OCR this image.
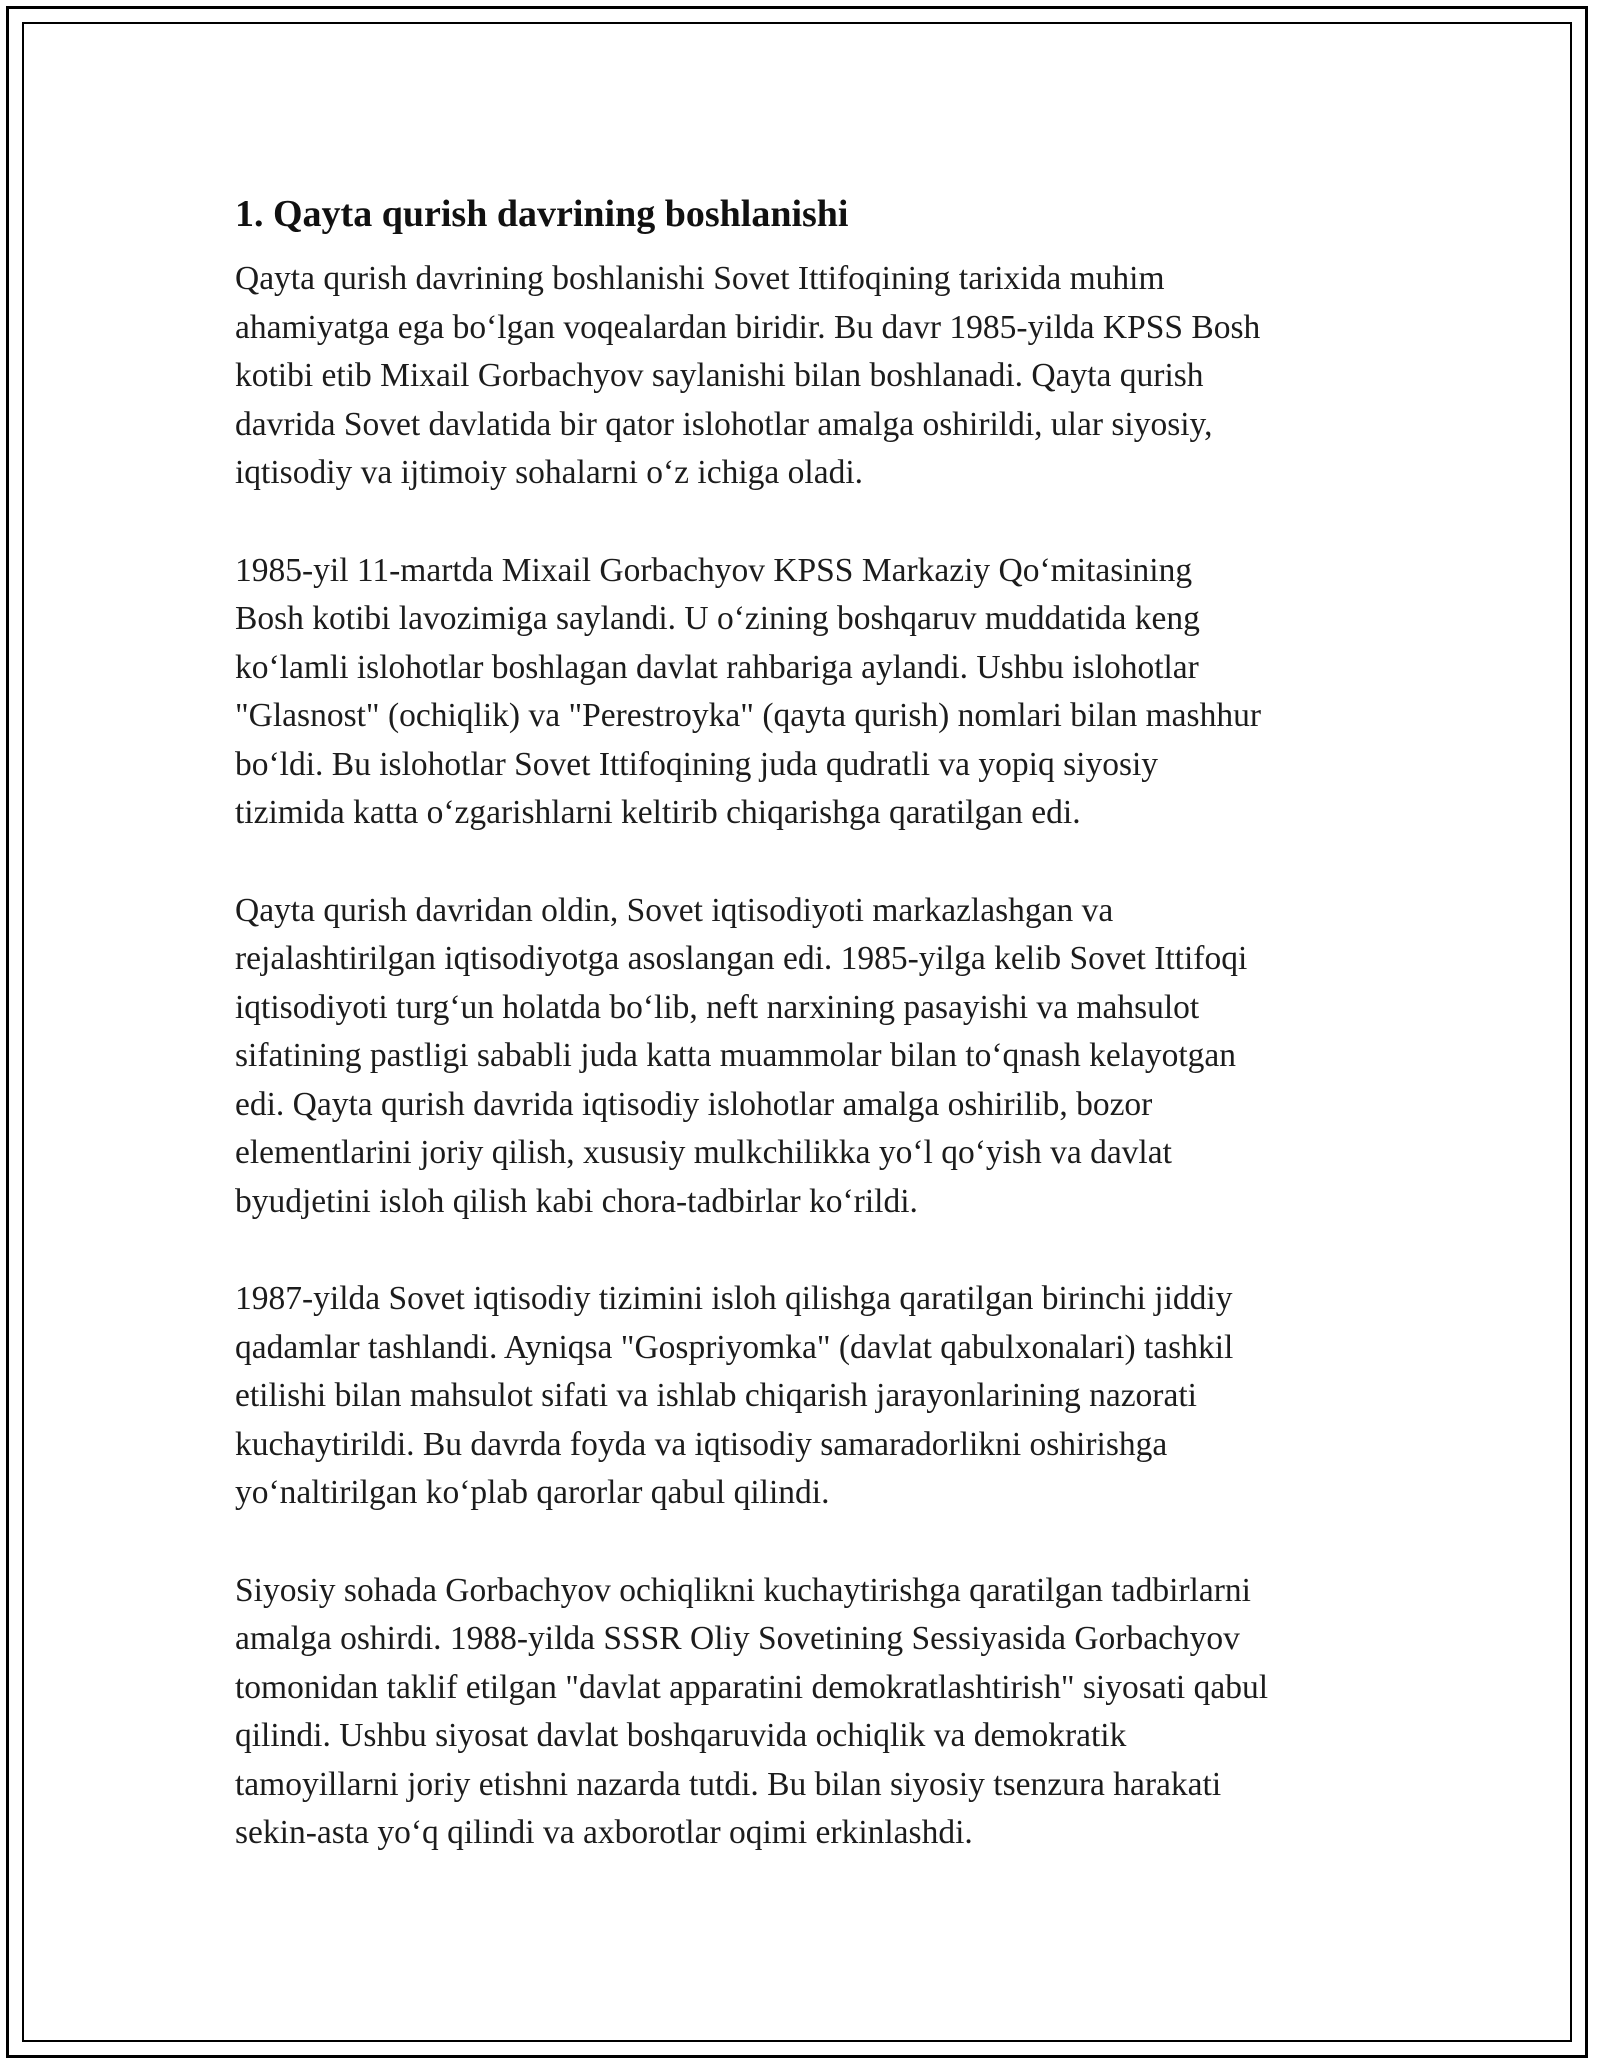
1. Qayta qurish davrining boshlanishi

Qayta qurish davrining boshlanishi Sovet Ittifoqining tarixida muhim
ahamiyatga ega bo‘lgan voqealardan biridir. Bu davr 1985-yilda KPSS Bosh
kotibi etib Mixail Gorbachyov saylanishi bilan boshlanadi. Qayta qurish
davrida Sovet davlatida bir qator islohotlar amalga oshirildi, ular siyosiy,
iqtisodiy va ijtimoiy sohalarni o‘z ichiga oladi.

1985-yil 11-martda Mixail Gorbachyov KPSS Markaziy Qo‘mitasining
Bosh kotibi lavozimiga saylandi. U o‘zining boshqaruv muddatida keng
ko‘lamli islohotlar boshlagan davlat rahbariga aylandi. Ushbu islohotlar
"Glasnost" (ochiqlik) va "Perestroyka" (qayta qurish) nomlari bilan mashhur
bo‘ldi. Bu islohotlar Sovet Ittifoqining juda qudratli va yopiq siyosiy
tizimida katta o‘zgarishlarni keltirib chiqarishga qaratilgan edi.

Qayta qurish davridan oldin, Sovet iqtisodiyoti markazlashgan va
rejalashtirilgan iqtisodiyotga asoslangan edi. 1985-yilga kelib Sovet Ittifoqi
iqtisodiyoti turg‘un holatda bo‘lib, neft narxining pasayishi va mahsulot
sifatining pastligi sababli juda katta muammolar bilan to‘qnash kelayotgan
edi. Qayta qurish davrida iqtisodiy islohotlar amalga oshirilib, bozor
elementlarini joriy qilish, xususiy mulkchilikka yo‘l qo‘yish va davlat
byudjetini isloh qilish kabi chora-tadbirlar ko‘rildi.

1987-yilda Sovet iqtisodiy tizimini isloh qilishga qaratilgan birinchi jiddiy
qadamlar tashlandi. Ayniqsa "Gospriyomka" (davlat qabulxonalari) tashkil
etilishi bilan mahsulot sifati va ishlab chiqarish jarayonlarining nazorati
kuchaytirildi. Bu davrda foyda va iqtisodiy samaradorlikni oshirishga
yo‘naltirilgan ko‘plab qarorlar qabul qilindi.

Siyosiy sohada Gorbachyov ochiqlikni kuchaytirishga qaratilgan tadbirlarni
amalga oshirdi. 1988-yilda SSSR Oliy Sovetining Sessiyasida Gorbachyov
tomonidan taklif etilgan "davlat apparatini demokratlashtirish" siyosati qabul
qilindi. Ushbu siyosat davlat boshqaruvida ochiqlik va demokratik
tamoyillarni joriy etishni nazarda tutdi. Bu bilan siyosiy tsenzura harakati
sekin-asta yo‘q qilindi va axborotlar oqimi erkinlashdi.
